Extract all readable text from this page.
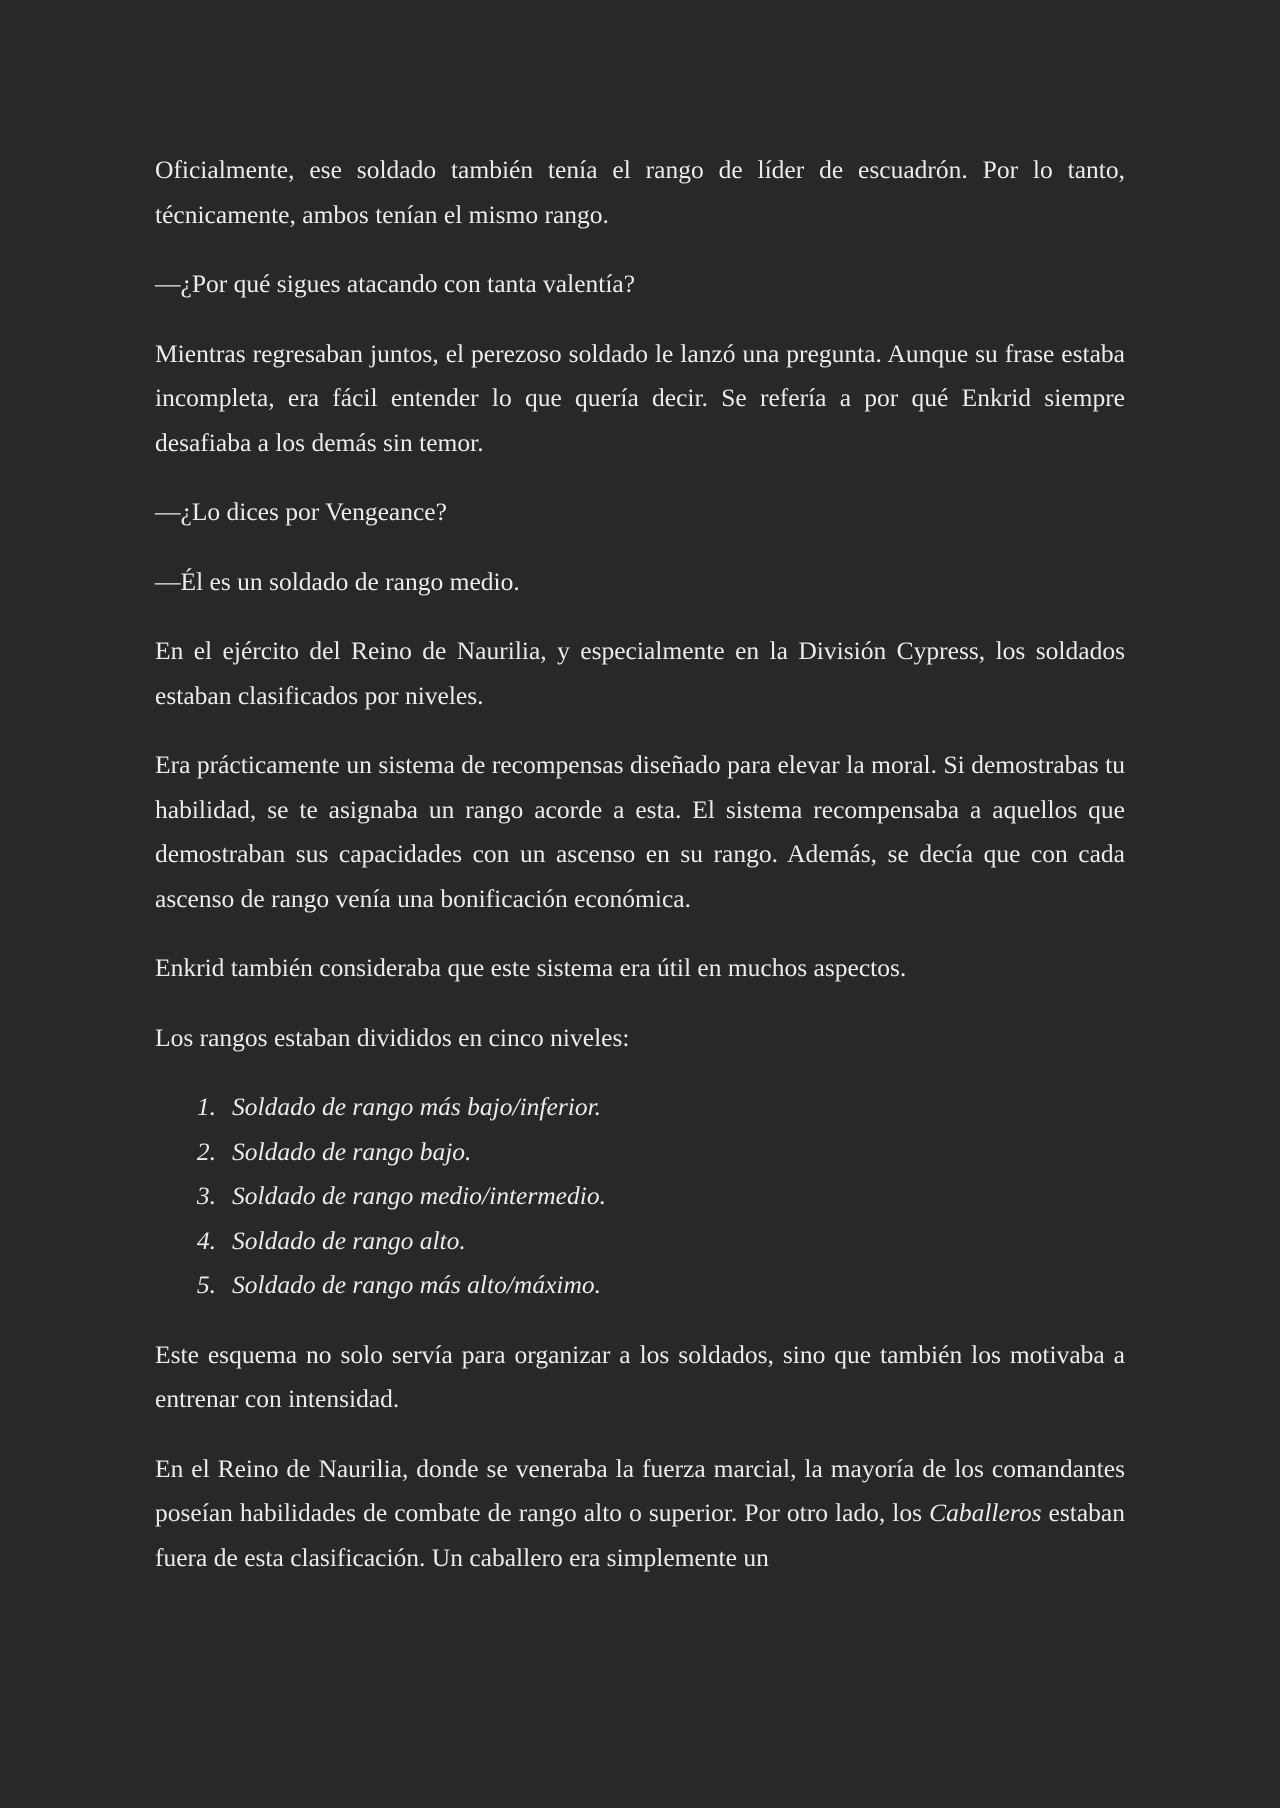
Oficialmente, ese soldado también tenía el rango de líder de escuadrón. Por lo tanto, técnicamente, ambos tenían el mismo rango.

—¿Por qué sigues atacando con tanta valentía?

Mientras regresaban juntos, el perezoso soldado le lanzó una pregunta. Aunque su frase estaba incompleta, era fácil entender lo que quería decir. Se refería a por qué Enkrid siempre desafiaba a los demás sin temor.

—¿Lo dices por Vengeance?

—Él es un soldado de rango medio.

En el ejército del Reino de Naurilia, y especialmente en la División Cypress, los soldados estaban clasificados por niveles.

Era prácticamente un sistema de recompensas diseñado para elevar la moral. Si demostrabas tu habilidad, se te asignaba un rango acorde a esta. El sistema recompensaba a aquellos que demostraban sus capacidades con un ascenso en su rango. Además, se decía que con cada ascenso de rango venía una bonificación económica.

Enkrid también consideraba que este sistema era útil en muchos aspectos.

Los rangos estaban divididos en cinco niveles:

1. Soldado de rango más bajo/inferior.
2. Soldado de rango bajo.
3. Soldado de rango medio/intermedio.
4. Soldado de rango alto.
5. Soldado de rango más alto/máximo.

Este esquema no solo servía para organizar a los soldados, sino que también los motivaba a entrenar con intensidad.

En el Reino de Naurilia, donde se veneraba la fuerza marcial, la mayoría de los comandantes poseían habilidades de combate de rango alto o superior. Por otro lado, los Caballeros estaban fuera de esta clasificación. Un caballero era simplemente un
